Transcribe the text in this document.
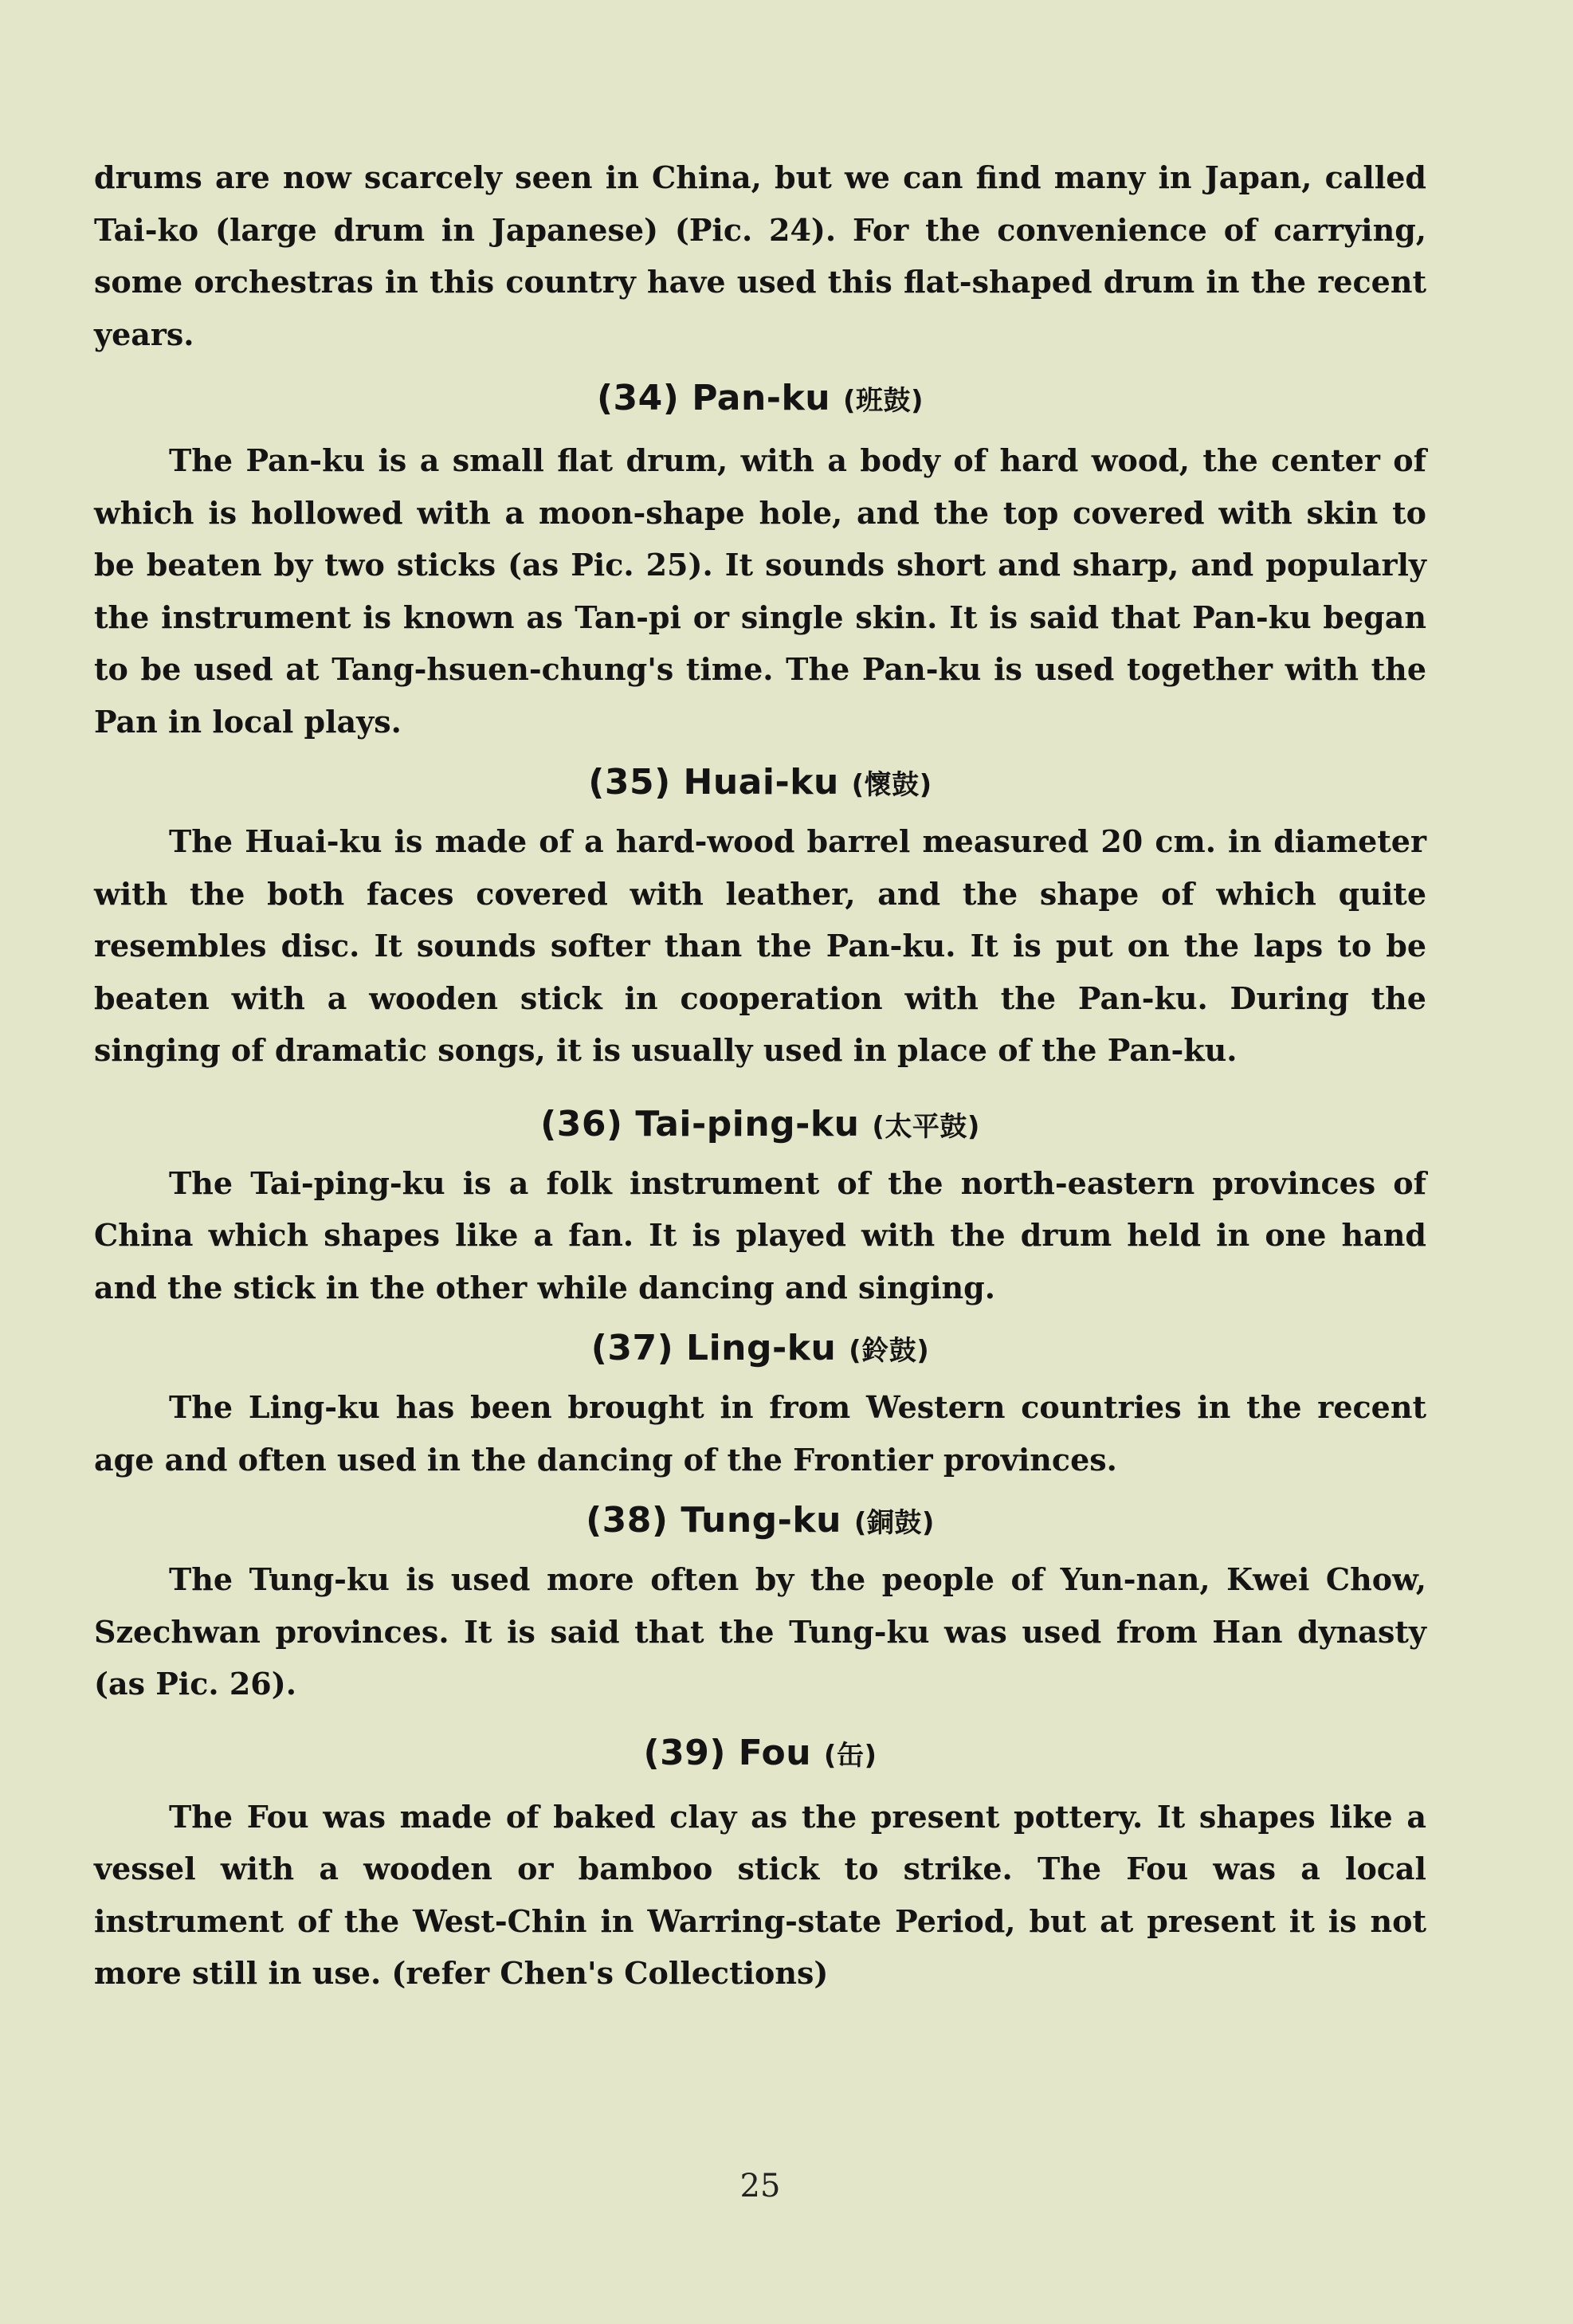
drums are now scarcely seen in China, but we can find many in Japan, called Tai-ko (large drum in Japanese) (Pic. 24). For the convenience of carrying, some orchestras in this country have used this flat-shaped drum in the recent years.

(34) Pan-ku (班鼓)

The Pan-ku is a small flat drum, with a body of hard wood, the center of which is hollowed with a moon-shape hole, and the top covered with skin to be beaten by two sticks (as Pic. 25). It sounds short and sharp, and popularly the instrument is known as Tan-pi or single skin. It is said that Pan-ku began to be used at Tang-hsuen-chung's time. The Pan-ku is used together with the Pan in local plays.

(35) Huai-ku (懷鼓)

The Huai-ku is made of a hard-wood barrel measured 20 cm. in diameter with the both faces covered with leather, and the shape of which quite resembles disc. It sounds softer than the Pan-ku. It is put on the laps to be beaten with a wooden stick in cooperation with the Pan-ku. During the singing of dramatic songs, it is usually used in place of the Pan-ku.

(36) Tai-ping-ku (太平鼓)

The Tai-ping-ku is a folk instrument of the north-eastern provinces of China which shapes like a fan. It is played with the drum held in one hand and the stick in the other while dancing and singing.

(37) Ling-ku (鈴鼓)

The Ling-ku has been brought in from Western countries in the recent age and often used in the dancing of the Frontier provinces.

(38) Tung-ku (銅鼓)

The Tung-ku is used more often by the people of Yun-nan, Kwei Chow, Szechwan provinces. It is said that the Tung-ku was used from Han dynasty (as Pic. 26).

(39) Fou (缶)

The Fou was made of baked clay as the present pottery. It shapes like a vessel with a wooden or bamboo stick to strike. The Fou was a local instrument of the West-Chin in Warring-state Period, but at present it is not more still in use. (refer Chen's Collections)

25
